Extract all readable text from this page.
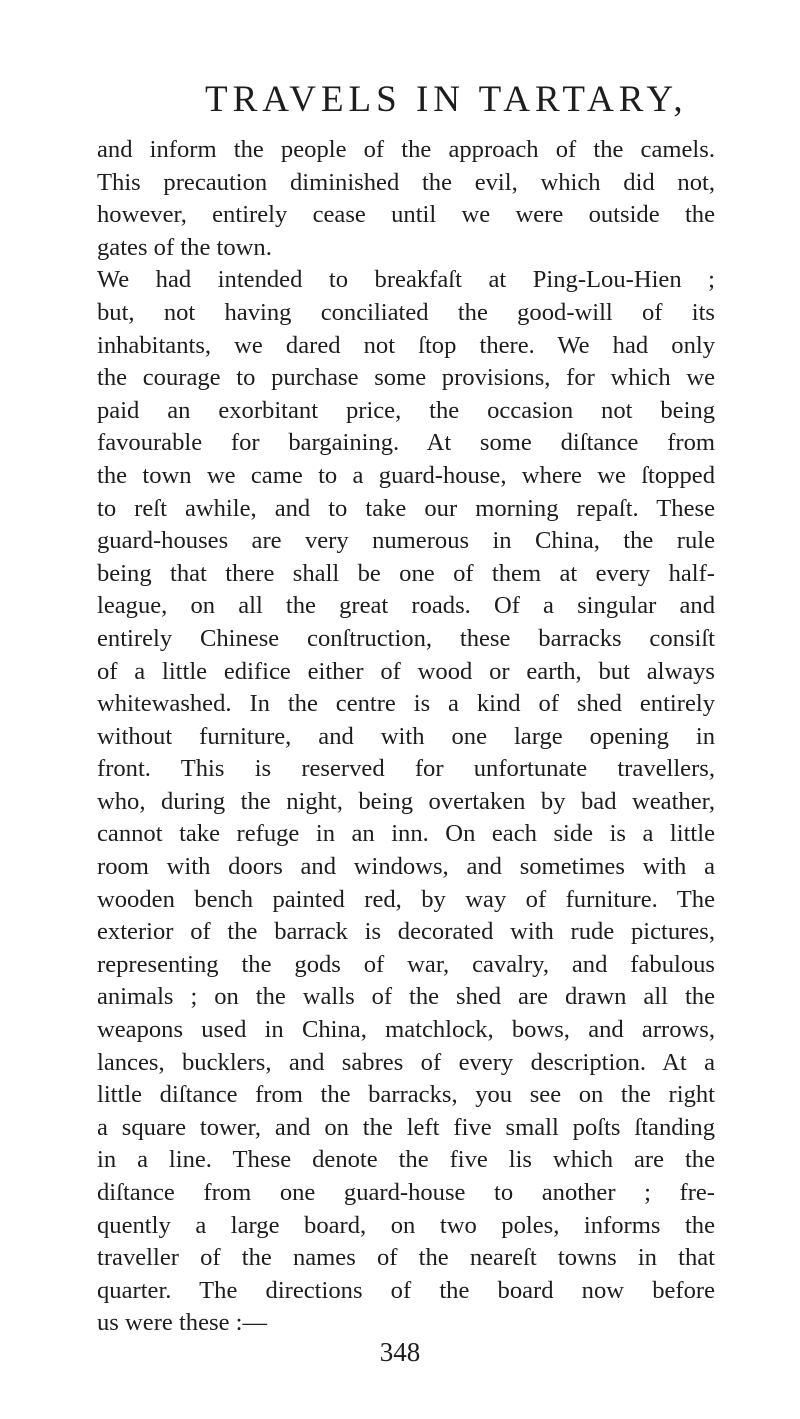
TRAVELS IN TARTARY,
and inform the people of the approach of the camels.
This precaution diminished the evil, which did not,
however, entirely cease until we were outside the
gates of the town.
We had intended to breakfaſt at Ping-Lou-Hien ;
but, not having conciliated the good-will of its
inhabitants, we dared not ſtop there. We had only
the courage to purchase some provisions, for which we
paid an exorbitant price, the occasion not being
favourable for bargaining. At some diſtance from
the town we came to a guard-house, where we ſtopped
to reſt awhile, and to take our morning repaſt. These
guard-houses are very numerous in China, the rule
being that there shall be one of them at every half-
league, on all the great roads. Of a singular and
entirely Chinese conſtruction, these barracks consiſt
of a little edifice either of wood or earth, but always
whitewashed. In the centre is a kind of shed entirely
without furniture, and with one large opening in
front. This is reserved for unfortunate travellers,
who, during the night, being overtaken by bad weather,
cannot take refuge in an inn. On each side is a little
room with doors and windows, and sometimes with a
wooden bench painted red, by way of furniture. The
exterior of the barrack is decorated with rude pictures,
representing the gods of war, cavalry, and fabulous
animals ; on the walls of the shed are drawn all the
weapons used in China, matchlock, bows, and arrows,
lances, bucklers, and sabres of every description. At a
little diſtance from the barracks, you see on the right
a square tower, and on the left five small poſts ſtanding
in a line. These denote the five lis which are the
diſtance from one guard-house to another ; fre-
quently a large board, on two poles, informs the
traveller of the names of the neareſt towns in that
quarter. The directions of the board now before
us were these :—
348
